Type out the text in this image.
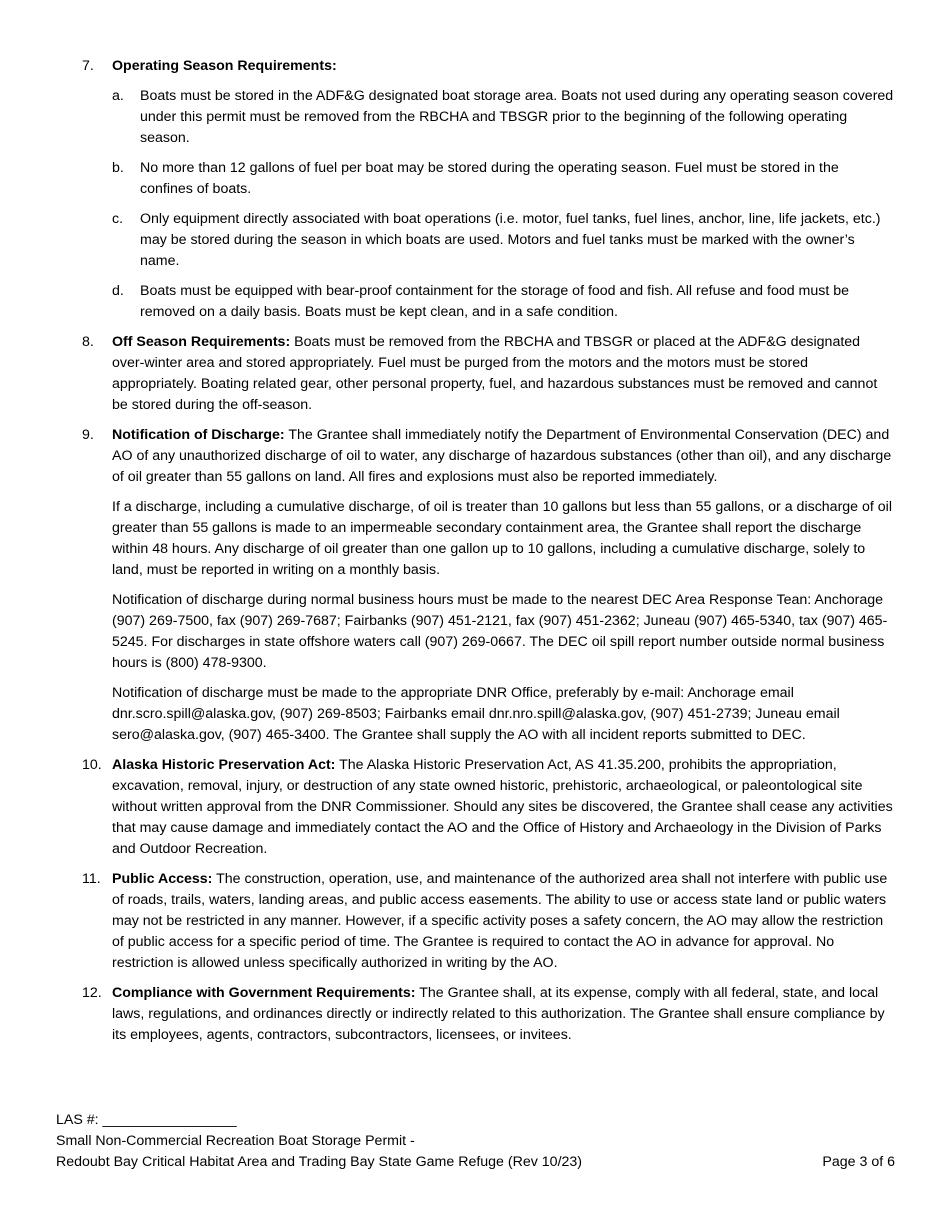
7. Operating Season Requirements:
a. Boats must be stored in the ADF&G designated boat storage area. Boats not used during any operating season covered under this permit must be removed from the RBCHA and TBSGR prior to the beginning of the following operating season.
b. No more than 12 gallons of fuel per boat may be stored during the operating season. Fuel must be stored in the confines of boats.
c. Only equipment directly associated with boat operations (i.e. motor, fuel tanks, fuel lines, anchor, line, life jackets, etc.) may be stored during the season in which boats are used. Motors and fuel tanks must be marked with the owner’s name.
d. Boats must be equipped with bear-proof containment for the storage of food and fish. All refuse and food must be removed on a daily basis. Boats must be kept clean, and in a safe condition.
8. Off Season Requirements: Boats must be removed from the RBCHA and TBSGR or placed at the ADF&G designated over-winter area and stored appropriately. Fuel must be purged from the motors and the motors must be stored appropriately. Boating related gear, other personal property, fuel, and hazardous substances must be removed and cannot be stored during the off-season.
9. Notification of Discharge: The Grantee shall immediately notify the Department of Environmental Conservation (DEC) and AO of any unauthorized discharge of oil to water, any discharge of hazardous substances (other than oil), and any discharge of oil greater than 55 gallons on land. All fires and explosions must also be reported immediately.
If a discharge, including a cumulative discharge, of oil is treater than 10 gallons but less than 55 gallons, or a discharge of oil greater than 55 gallons is made to an impermeable secondary containment area, the Grantee shall report the discharge within 48 hours. Any discharge of oil greater than one gallon up to 10 gallons, including a cumulative discharge, solely to land, must be reported in writing on a monthly basis.
Notification of discharge during normal business hours must be made to the nearest DEC Area Response Tean: Anchorage (907) 269-7500, fax (907) 269-7687; Fairbanks (907) 451-2121, fax (907) 451-2362; Juneau (907) 465-5340, tax (907) 465-5245. For discharges in state offshore waters call (907) 269-0667. The DEC oil spill report number outside normal business hours is (800) 478-9300.
Notification of discharge must be made to the appropriate DNR Office, preferably by e-mail: Anchorage email dnr.scro.spill@alaska.gov, (907) 269-8503; Fairbanks email dnr.nro.spill@alaska.gov, (907) 451-2739; Juneau email sero@alaska.gov, (907) 465-3400. The Grantee shall supply the AO with all incident reports submitted to DEC.
10. Alaska Historic Preservation Act: The Alaska Historic Preservation Act, AS 41.35.200, prohibits the appropriation, excavation, removal, injury, or destruction of any state owned historic, prehistoric, archaeological, or paleontological site without written approval from the DNR Commissioner. Should any sites be discovered, the Grantee shall cease any activities that may cause damage and immediately contact the AO and the Office of History and Archaeology in the Division of Parks and Outdoor Recreation.
11. Public Access: The construction, operation, use, and maintenance of the authorized area shall not interfere with public use of roads, trails, waters, landing areas, and public access easements. The ability to use or access state land or public waters may not be restricted in any manner. However, if a specific activity poses a safety concern, the AO may allow the restriction of public access for a specific period of time. The Grantee is required to contact the AO in advance for approval. No restriction is allowed unless specifically authorized in writing by the AO.
12. Compliance with Government Requirements: The Grantee shall, at its expense, comply with all federal, state, and local laws, regulations, and ordinances directly or indirectly related to this authorization. The Grantee shall ensure compliance by its employees, agents, contractors, subcontractors, licensees, or invitees.
LAS #: _________________
Small Non-Commercial Recreation Boat Storage Permit -
Redoubt Bay Critical Habitat Area and Trading Bay State Game Refuge (Rev 10/23)	Page 3 of 6
